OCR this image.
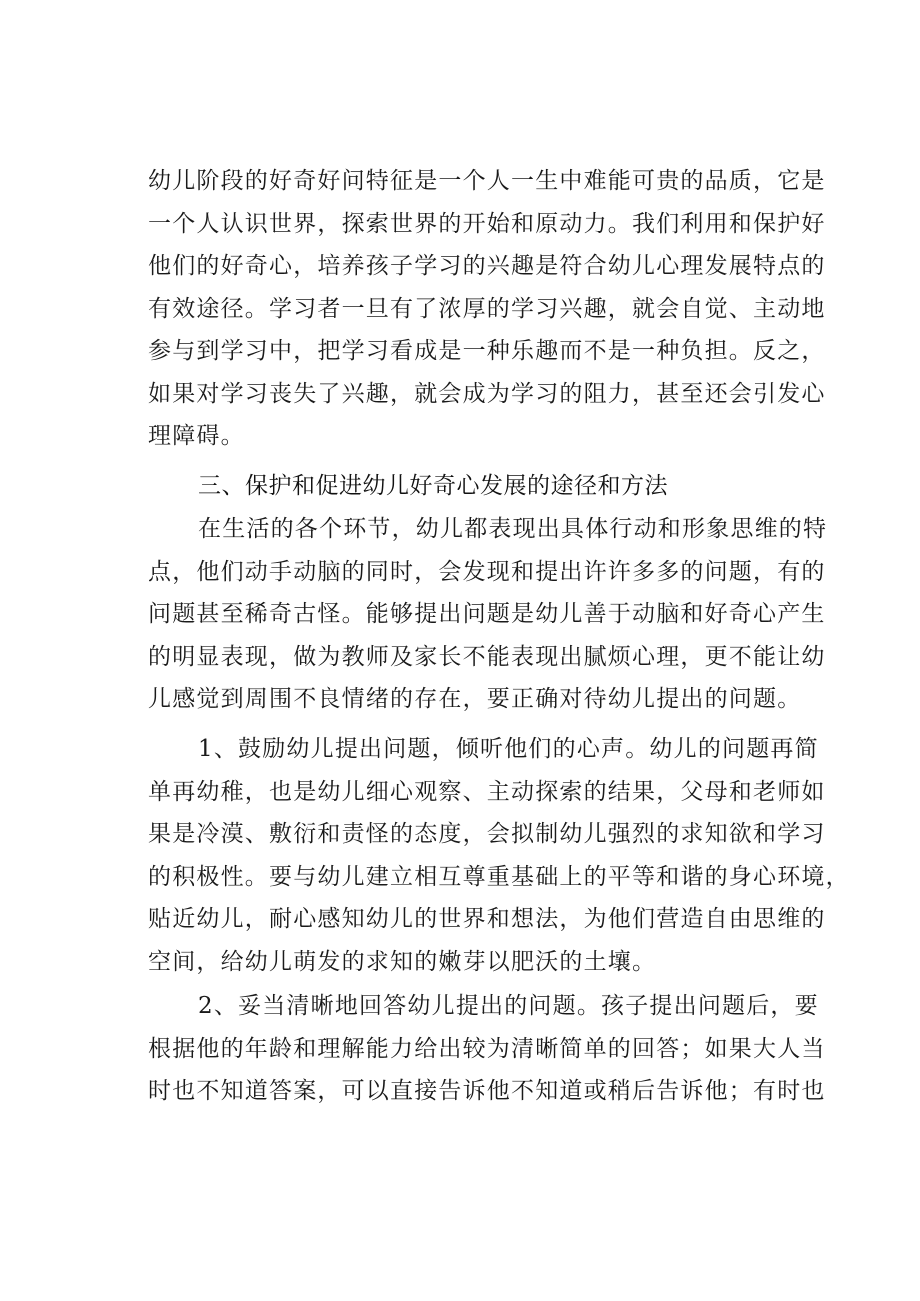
幼儿阶段的好奇好问特征是一个人一生中难能可贵的品质，它是
一个人认识世界，探索世界的开始和原动力。我们利用和保护好
他们的好奇心，培养孩子学习的兴趣是符合幼儿心理发展特点的
有效途径。学习者一旦有了浓厚的学习兴趣，就会自觉、主动地
参与到学习中，把学习看成是一种乐趣而不是一种负担。反之，
如果对学习丧失了兴趣，就会成为学习的阻力，甚至还会引发心
理障碍。
三、保护和促进幼儿好奇心发展的途径和方法
在生活的各个环节，幼儿都表现出具体行动和形象思维的特
点，他们动手动脑的同时，会发现和提出许许多多的问题，有的
问题甚至稀奇古怪。能够提出问题是幼儿善于动脑和好奇心产生
的明显表现，做为教师及家长不能表现出腻烦心理，更不能让幼
儿感觉到周围不良情绪的存在，要正确对待幼儿提出的问题。
1、鼓励幼儿提出问题，倾听他们的心声。幼儿的问题再简
单再幼稚，也是幼儿细心观察、主动探索的结果，父母和老师如
果是冷漠、敷衍和责怪的态度，会拟制幼儿强烈的求知欲和学习
的积极性。要与幼儿建立相互尊重基础上的平等和谐的身心环境，
贴近幼儿，耐心感知幼儿的世界和想法，为他们营造自由思维的
空间，给幼儿萌发的求知的嫩芽以肥沃的土壤。
2、妥当清晰地回答幼儿提出的问题。孩子提出问题后，要
根据他的年龄和理解能力给出较为清晰简单的回答；如果大人当
时也不知道答案，可以直接告诉他不知道或稍后告诉他；有时也
